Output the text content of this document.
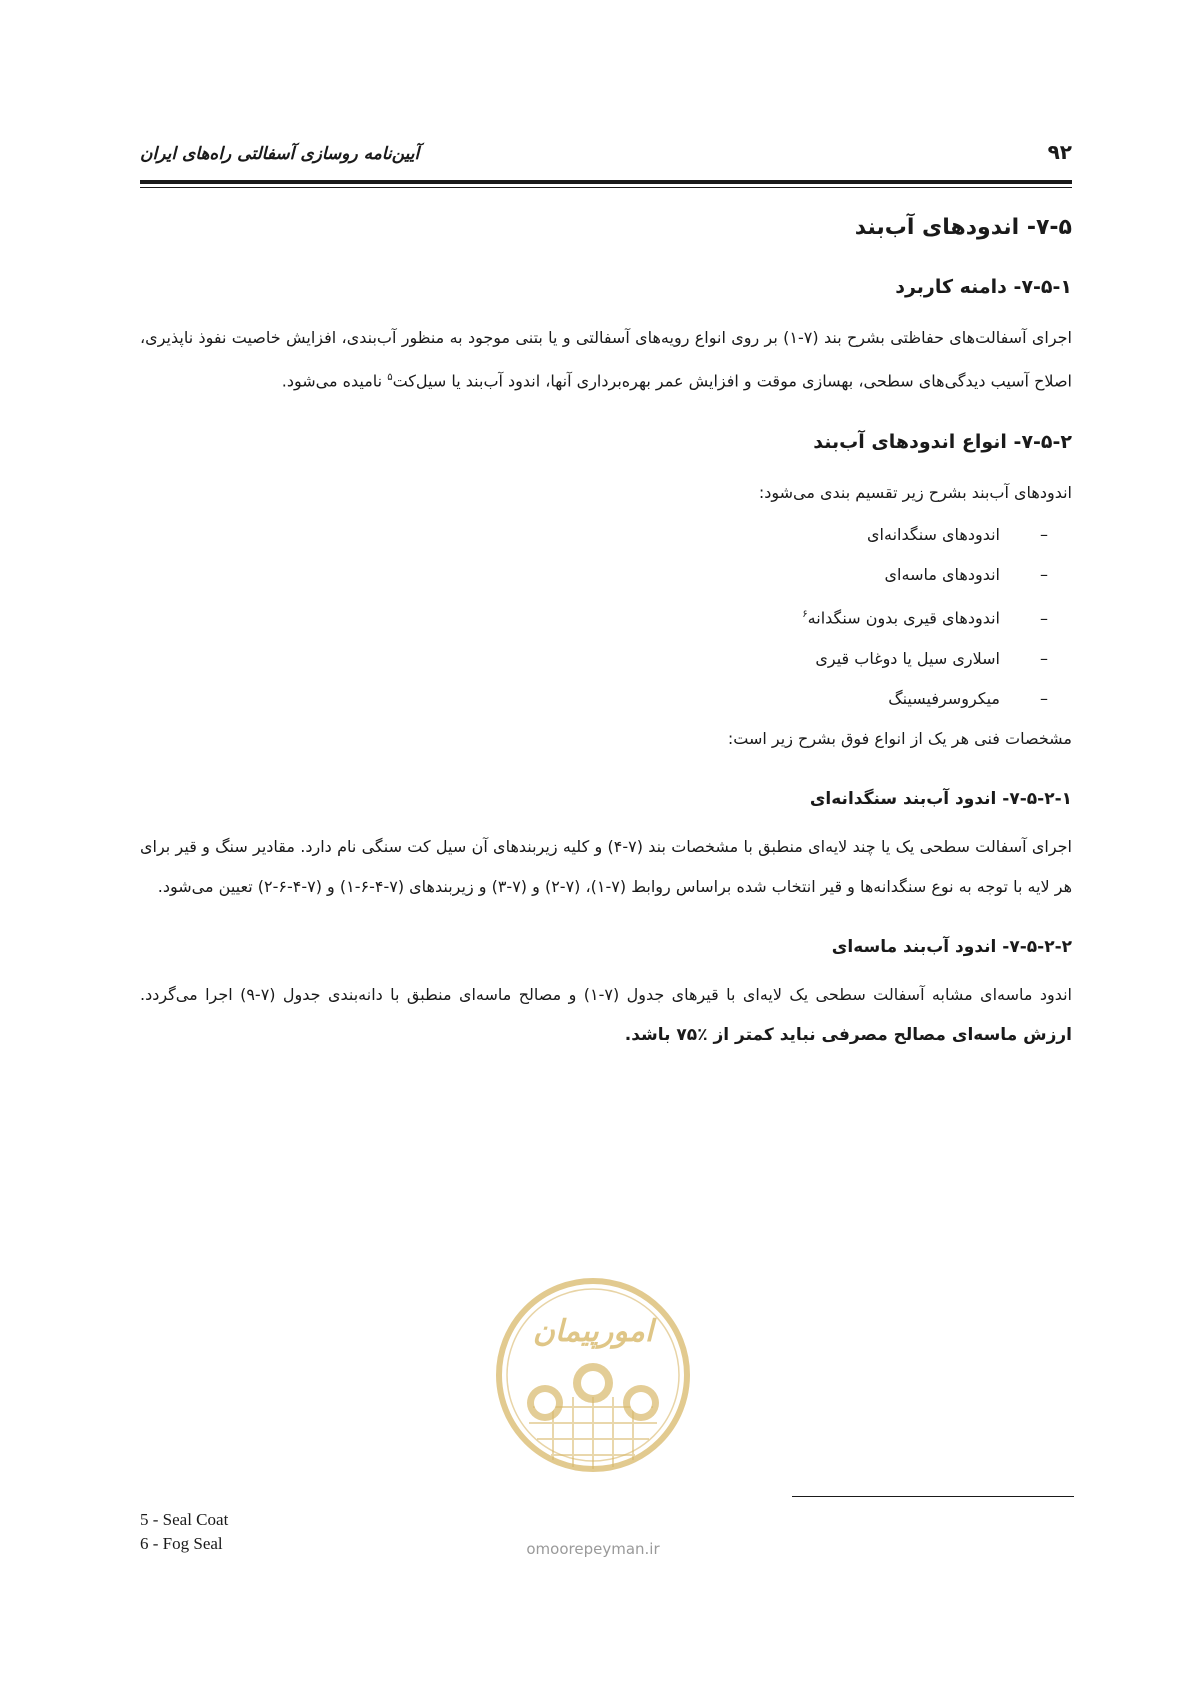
آیین‌نامه روسازی آسفالتی راه‌های ایران	۹۲
۷-۵- اندودهای آب‌بند
۷-۵-۱- دامنه کاربرد

اجرای آسفالت‌های حفاظتی بشرح بند (۷-۱) بر روی انواع رویه‌های آسفالتی و یا بتنی موجود به منظور آب‌بندی، افزایش خاصیت نفوذ ناپذیری، اصلاح آسیب دیدگی‌های سطحی، بهسازی موقت و افزایش عمر بهره‌برداری آنها، اندود آب‌بند یا سیل‌کت$^۵$ نامیده می‌شود.

۷-۵-۲- انواع اندودهای آب‌بند

اندودهای آب‌بند بشرح زیر تقسیم بندی می‌شود:

–اندودهای سنگدانه‌ای
–اندودهای ماسه‌ای
–اندودهای قیری بدون سنگدانه$^۶$
–اسلاری سیل یا دوغاب قیری
–میکروسرفیسینگ

مشخصات فنی هر یک از انواع فوق بشرح زیر است:

۷-۵-۲-۱- اندود آب‌بند سنگدانه‌ای

اجرای آسفالت سطحی یک یا چند لایه‌ای منطبق با مشخصات بند (۷-۴) و کلیه زیربندهای آن سیل کت سنگی نام دارد. مقادیر سنگ و قیر برای هر لایه با توجه به نوع سنگدانه‌ها و قیر انتخاب شده براساس روابط (۷-۱)، (۷-۲) و (۷-۳) و زیربندهای (۷-۴-۶-۱) و (۷-۴-۶-۲) تعیین می‌شود.

۷-۵-۲-۲- اندود آب‌بند ماسه‌ای

اندود ماسه‌ای مشابه آسفالت سطحی یک لایه‌ای با قیرهای جدول (۷-۱) و مصالح ماسه‌ای منطبق با دانه‌بندی جدول (۷-۹) اجرا می‌گردد. ارزش ماسه‌ای مصالح مصرفی نباید کمتر از ٪۷۵ باشد.

امورپیمان
omoorepeyman.ir
5 - Seal Coat
6 - Fog Seal
